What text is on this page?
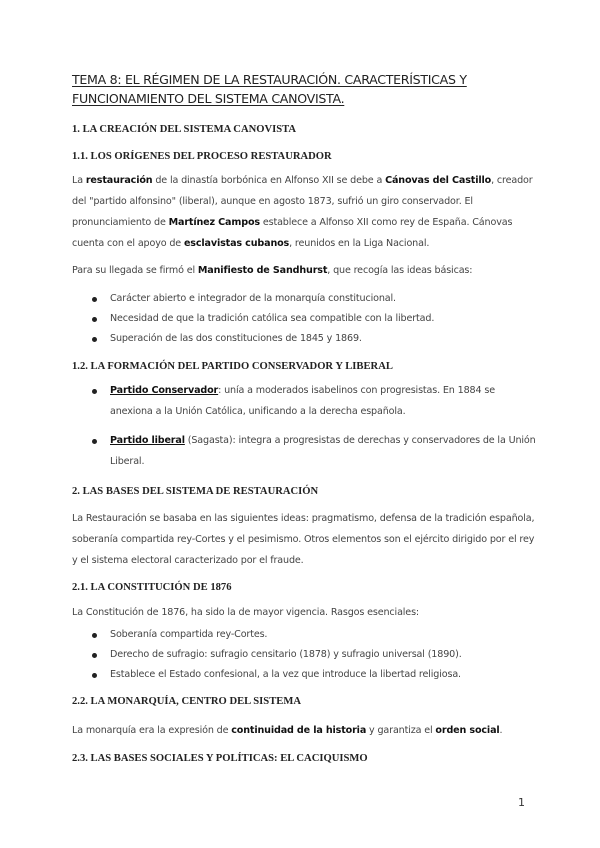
TEMA 8: EL RÉGIMEN DE LA RESTAURACIÓN. CARACTERÍSTICAS Y FUNCIONAMIENTO DEL SISTEMA CANOVISTA.
1. LA CREACIÓN DEL SISTEMA CANOVISTA
1.1. LOS ORÍGENES DEL PROCESO RESTAURADOR
La restauración de la dinastía borbónica en Alfonso XII se debe a Cánovas del Castillo, creador del "partido alfonsino" (liberal), aunque en agosto 1873, sufrió un giro conservador. El pronunciamiento de Martínez Campos establece a Alfonso XII como rey de España. Cánovas cuenta con el apoyo de esclavistas cubanos, reunidos en la Liga Nacional.
Para su llegada se firmó el Manifiesto de Sandhurst, que recogía las ideas básicas:
Carácter abierto e integrador de la monarquía constitucional.
Necesidad de que la tradición católica sea compatible con la libertad.
Superación de las dos constituciones de 1845 y 1869.
1.2. LA FORMACIÓN DEL PARTIDO CONSERVADOR Y LIBERAL
Partido Conservador: unía a moderados isabelinos con progresistas. En 1884 se anexiona a la Unión Católica, unificando a la derecha española.
Partido liberal (Sagasta): integra a progresistas de derechas y conservadores de la Unión Liberal.
2. LAS BASES DEL SISTEMA DE RESTAURACIÓN
La Restauración se basaba en las siguientes ideas: pragmatismo, defensa de la tradición española, soberanía compartida rey-Cortes y el pesimismo. Otros elementos son el ejército dirigido por el rey y el sistema electoral caracterizado por el fraude.
2.1. LA CONSTITUCIÓN DE 1876
La Constitución de 1876, ha sido la de mayor vigencia. Rasgos esenciales:
Soberanía compartida rey-Cortes.
Derecho de sufragio: sufragio censitario (1878) y sufragio universal (1890).
Establece el Estado confesional, a la vez que introduce la libertad religiosa.
2.2. LA MONARQUÍA, CENTRO DEL SISTEMA
La monarquía era la expresión de continuidad de la historia y garantiza el orden social.
2.3. LAS BASES SOCIALES Y POLÍTICAS: EL CACIQUISMO
1
